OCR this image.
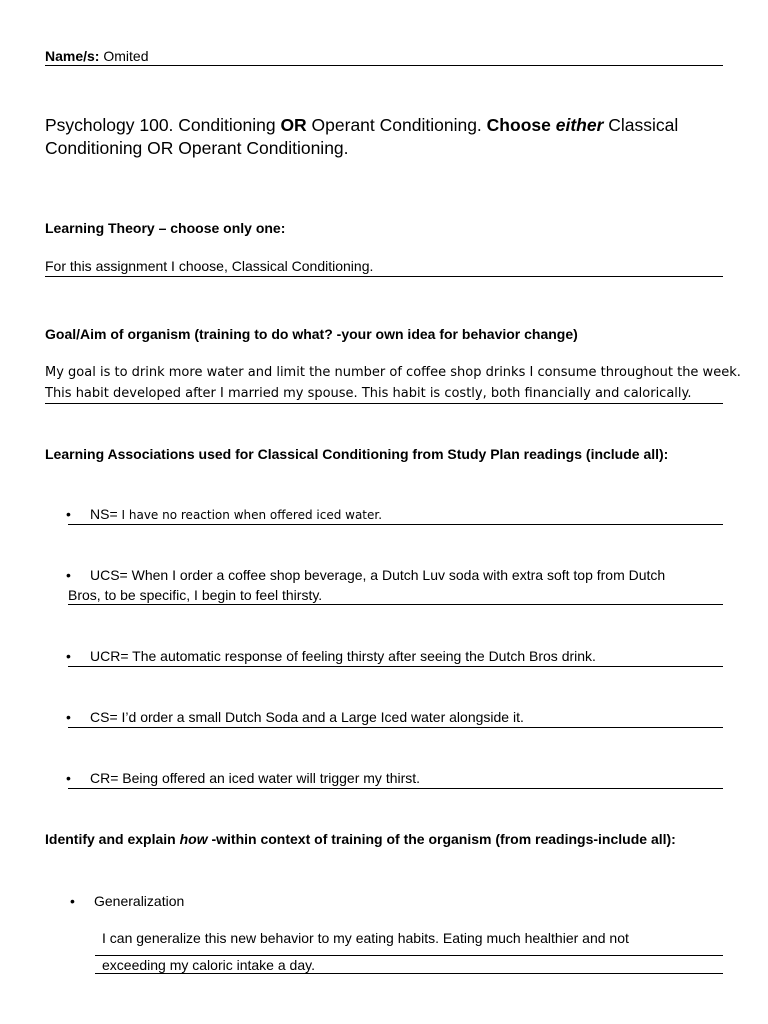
Name/s: Omited
Psychology 100. Conditioning OR Operant Conditioning. Choose either Classical Conditioning OR Operant Conditioning.
Learning Theory – choose only one:
For this assignment I choose, Classical Conditioning.
Goal/Aim of organism (training to do what? -your own idea for behavior change)
My goal is to drink more water and limit the number of coffee shop drinks I consume throughout the week.
This habit developed after I married my spouse. This habit is costly, both financially and calorically.
Learning Associations used for Classical Conditioning from Study Plan readings (include all):
• NS= I have no reaction when offered iced water.
• UCS= When I order a coffee shop beverage, a Dutch Luv soda with extra soft top from Dutch
Bros, to be specific, I begin to feel thirsty.
• UCR= The automatic response of feeling thirsty after seeing the Dutch Bros drink.
• CS= I’d order a small Dutch Soda and a Large Iced water alongside it.
• CR= Being offered an iced water will trigger my thirst.
Identify and explain how -within context of training of the organism (from readings-include all):
• Generalization
I can generalize this new behavior to my eating habits. Eating much healthier and not
exceeding my caloric intake a day.
